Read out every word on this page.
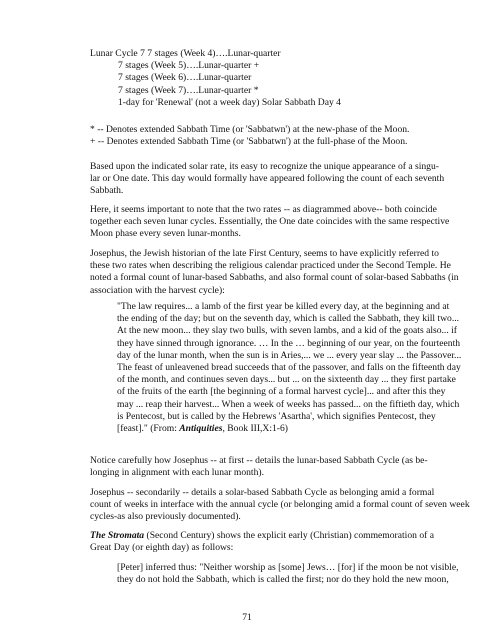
Lunar Cycle 7 7 stages (Week 4)….Lunar-quarter
7 stages (Week 5)….Lunar-quarter +
7 stages (Week 6)….Lunar-quarter
7 stages (Week 7)….Lunar-quarter *
1-day for 'Renewal' (not a week day) Solar Sabbath Day 4
* -- Denotes extended Sabbath Time (or 'Sabbatwn') at the new-phase of the Moon.
+ -- Denotes extended Sabbath Time (or 'Sabbatwn') at the full-phase of the Moon.
Based upon the indicated solar rate, its easy to recognize the unique appearance of a singu-
lar or One date. This day would formally have appeared following the count of each seventh
Sabbath.
Here, it seems important to note that the two rates -- as diagrammed above-- both coincide
together each seven lunar cycles. Essentially, the One date coincides with the same respective
Moon phase every seven lunar-months.
Josephus, the Jewish historian of the late First Century, seems to have explicitly referred to
these two rates when describing the religious calendar practiced under the Second Temple. He
noted a formal count of lunar-based Sabbaths, and also formal count of solar-based Sabbaths (in
association with the harvest cycle):
"The law requires... a lamb of the first year be killed every day, at the beginning and at
the ending of the day; but on the seventh day, which is called the Sabbath, they kill two...
At the new moon... they slay two bulls, with seven lambs, and a kid of the goats also... if
they have sinned through ignorance. … In the … beginning of our year, on the fourteenth
day of the lunar month, when the sun is in Aries,... we ... every year slay ... the Passover...
The feast of unleavened bread succeeds that of the passover, and falls on the fifteenth day
of the month, and continues seven days... but ... on the sixteenth day ... they first partake
of the fruits of the earth [the beginning of a formal harvest cycle]... and after this they
may ... reap their harvest... When a week of weeks has passed... on the fiftieth day, which
is Pentecost, but is called by the Hebrews 'Asartha', which signifies Pentecost, they
[feast]." (From: Antiquities, Book III,X:1-6)
Notice carefully how Josephus -- at first -- details the lunar-based Sabbath Cycle (as be-
longing in alignment with each lunar month).
Josephus -- secondarily -- details a solar-based Sabbath Cycle as belonging amid a formal
count of weeks in interface with the annual cycle (or belonging amid a formal count of seven week
cycles-as also previously documented).
The Stromata (Second Century) shows the explicit early (Christian) commemoration of a
Great Day (or eighth day) as follows:
[Peter] inferred thus: "Neither worship as [some] Jews… [for] if the moon be not visible,
they do not hold the Sabbath, which is called the first; nor do they hold the new moon,
71
